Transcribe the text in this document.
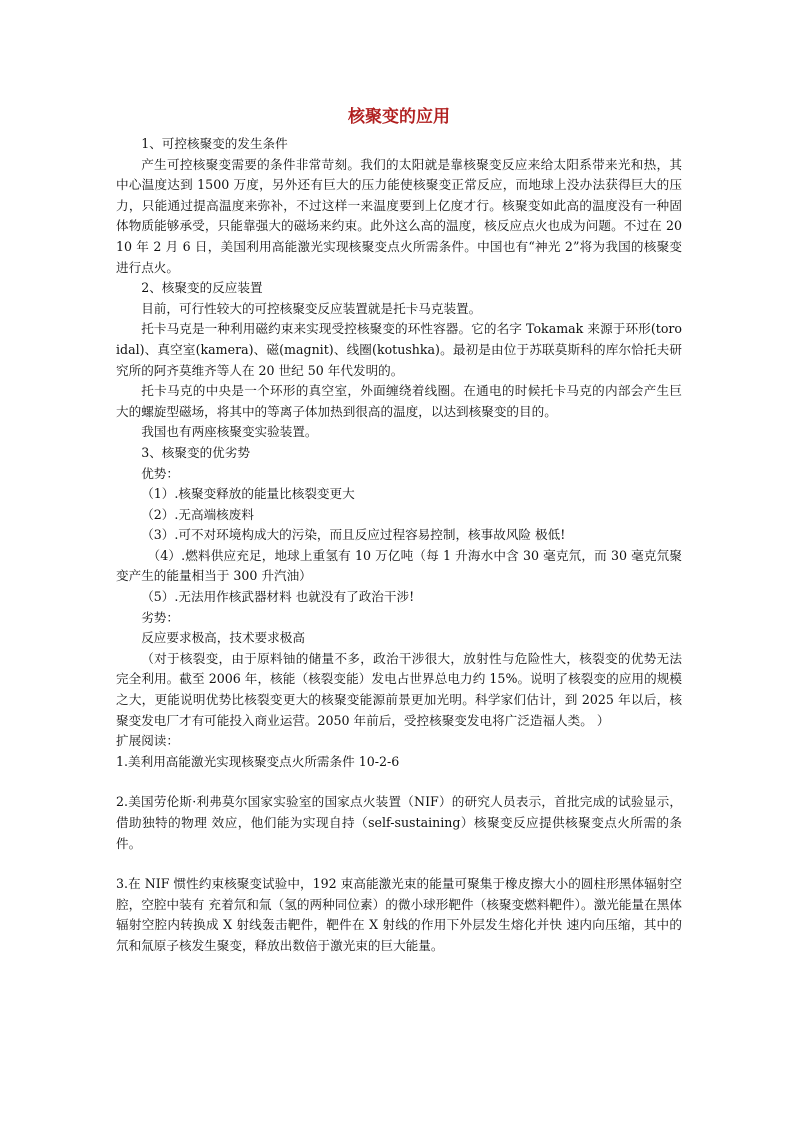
核聚变的应用

1、可控核聚变的发生条件

产生可控核聚变需要的条件非常苛刻。我们的太阳就是靠核聚变反应来给太阳系带来光和热，其中心温度达到 1500 万度，另外还有巨大的压力能使核聚变正常反应，而地球上没办法获得巨大的压力，只能通过提高温度来弥补，不过这样一来温度要到上亿度才行。核聚变如此高的温度没有一种固体物质能够承受，只能靠强大的磁场来约束。此外这么高的温度，核反应点火也成为问题。不过在 2010 年 2 月 6 日，美国利用高能激光实现核聚变点火所需条件。中国也有“神光 2”将为我国的核聚变进行点火。

2、核聚变的反应装置

目前，可行性较大的可控核聚变反应装置就是托卡马克装置。

托卡马克是一种利用磁约束来实现受控核聚变的环性容器。它的名字 Tokamak 来源于环形(toroidal)、真空室(kamera)、磁(magnit)、线圈(kotushka)。最初是由位于苏联莫斯科的库尔恰托夫研究所的阿齐莫维齐等人在 20 世纪 50 年代发明的。

托卡马克的中央是一个环形的真空室，外面缠绕着线圈。在通电的时候托卡马克的内部会产生巨大的螺旋型磁场，将其中的等离子体加热到很高的温度，以达到核聚变的目的。

我国也有两座核聚变实验装置。

3、核聚变的优劣势

优势：

（1）.核聚变释放的能量比核裂变更大

（2）.无高端核废料

（3）.可不对环境构成大的污染，而且反应过程容易控制，核事故风险 极低!

（4）.燃料供应充足，地球上重氢有 10 万亿吨（每 1 升海水中含 30 毫克氘，而 30 毫克氘聚变产生的能量相当于 300 升汽油）

（5）.无法用作核武器材料 也就没有了政治干涉!

劣势：

反应要求极高，技术要求极高

（对于核裂变，由于原料铀的储量不多，政治干涉很大，放射性与危险性大，核裂变的优势无法完全利用。截至 2006 年，核能（核裂变能）发电占世界总电力约 15%。说明了核裂变的应用的规模之大，更能说明优势比核裂变更大的核聚变能源前景更加光明。科学家们估计，到 2025 年以后，核聚变发电厂才有可能投入商业运营。2050 年前后，受控核聚变发电将广泛造福人类。 ）

扩展阅读：

1.美利用高能激光实现核聚变点火所需条件 10-2-6

2.美国劳伦斯·利弗莫尔国家实验室的国家点火装置（NIF）的研究人员表示，首批完成的试验显示，借助独特的物理 效应，他们能为实现自持（self-sustaining）核聚变反应提供核聚变点火所需的条件。

3.在 NIF 惯性约束核聚变试验中，192 束高能激光束的能量可聚集于橡皮擦大小的圆柱形黑体辐射空腔，空腔中装有 充着氘和氚（氢的两种同位素）的微小球形靶件（核聚变燃料靶件）。激光能量在黑体辐射空腔内转换成 X 射线轰击靶件，靶件在 X 射线的作用下外层发生熔化并快 速内向压缩，其中的氘和氚原子核发生聚变，释放出数倍于激光束的巨大能量。
